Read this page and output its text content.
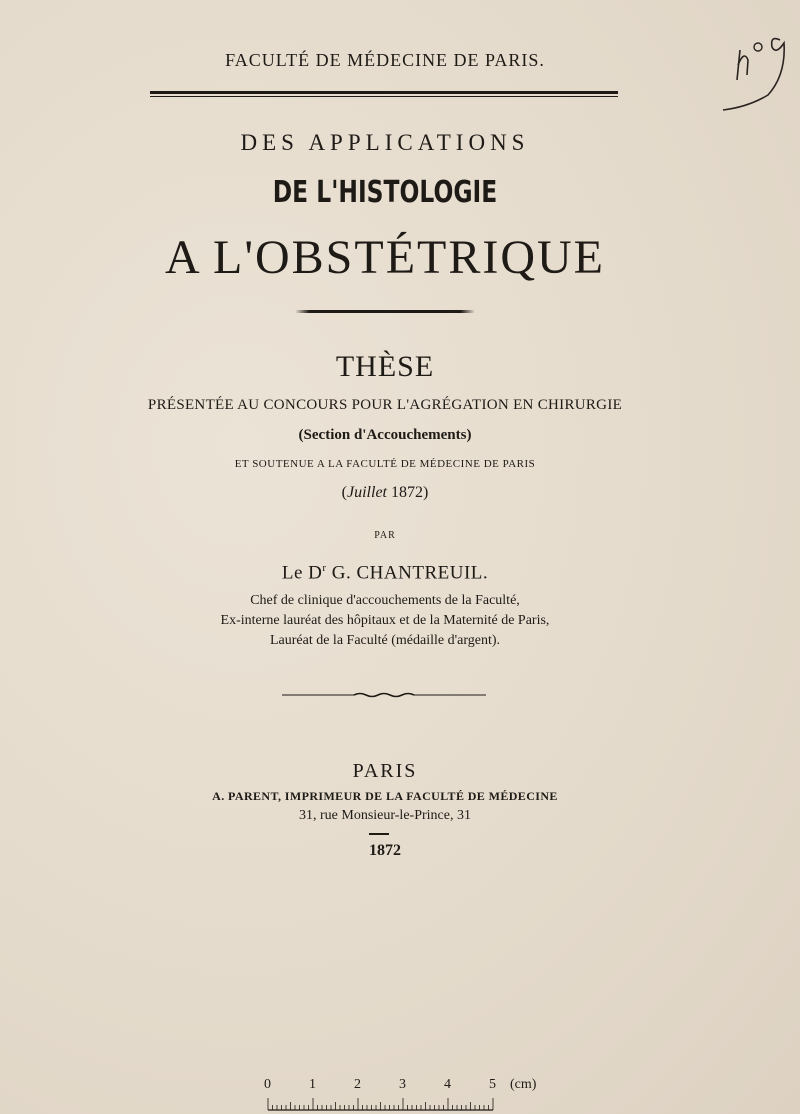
FACULTÉ DE MÉDECINE DE PARIS.
DES APPLICATIONS
DE L'HISTOLOGIE
A L'OBSTÉTRIQUE
THÈSE
PRÉSENTÉE AU CONCOURS POUR L'AGRÉGATION EN CHIRURGIE
(Section d'Accouchements)
ET SOUTENUE A LA FACULTÉ DE MÉDECINE DE PARIS
(Juillet 1872)
PAR
Le $D^r$ G. CHANTREUIL.
Chef de clinique d'accouchements de la Faculté,
Ex-interne lauréat des hôpitaux et de la Maternité de Paris,
Lauréat de la Faculté (médaille d'argent).
PARIS
A. PARENT, IMPRIMEUR DE LA FACULTÉ DE MÉDECINE
31, rue Monsieur-le-Prince, 31
1872
0	1	2	3	4	5 (cm)
